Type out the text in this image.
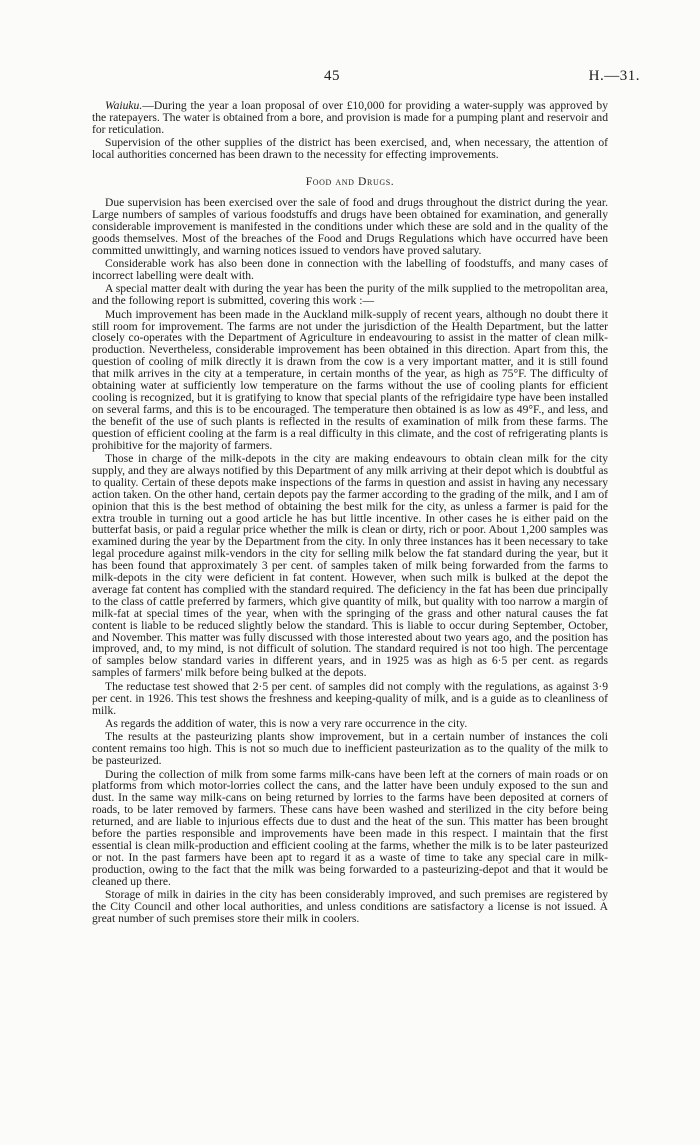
45	H.—31.

Waiuku.—During the year a loan proposal of over £10,000 for providing a water-supply was approved by the ratepayers. The water is obtained from a bore, and provision is made for a pumping plant and reservoir and for reticulation.

Supervision of the other supplies of the district has been exercised, and, when necessary, the attention of local authorities concerned has been drawn to the necessity for effecting improvements.

Food and Drugs.

Due supervision has been exercised over the sale of food and drugs throughout the district during the year. Large numbers of samples of various foodstuffs and drugs have been obtained for examination, and generally considerable improvement is manifested in the conditions under which these are sold and in the quality of the goods themselves. Most of the breaches of the Food and Drugs Regulations which have occurred have been committed unwittingly, and warning notices issued to vendors have proved salutary.

Considerable work has also been done in connection with the labelling of foodstuffs, and many cases of incorrect labelling were dealt with.

A special matter dealt with during the year has been the purity of the milk supplied to the metropolitan area, and the following report is submitted, covering this work :—

Much improvement has been made in the Auckland milk-supply of recent years, although no doubt there it still room for improvement. The farms are not under the jurisdiction of the Health Department, but the latter closely co-operates with the Department of Agriculture in endeavouring to assist in the matter of clean milk-production. Nevertheless, considerable improvement has been obtained in this direction. Apart from this, the question of cooling of milk directly it is drawn from the cow is a very important matter, and it is still found that milk arrives in the city at a temperature, in certain months of the year, as high as 75°F. The difficulty of obtaining water at sufficiently low temperature on the farms without the use of cooling plants for efficient cooling is recognized, but it is gratifying to know that special plants of the refrigidaire type have been installed on several farms, and this is to be encouraged. The temperature then obtained is as low as 49°F., and less, and the benefit of the use of such plants is reflected in the results of examination of milk from these farms. The question of efficient cooling at the farm is a real difficulty in this climate, and the cost of refrigerating plants is prohibitive for the majority of farmers.

Those in charge of the milk-depots in the city are making endeavours to obtain clean milk for the city supply, and they are always notified by this Department of any milk arriving at their depot which is doubtful as to quality. Certain of these depots make inspections of the farms in question and assist in having any necessary action taken. On the other hand, certain depots pay the farmer according to the grading of the milk, and I am of opinion that this is the best method of obtaining the best milk for the city, as unless a farmer is paid for the extra trouble in turning out a good article he has but little incentive. In other cases he is either paid on the butterfat basis, or paid a regular price whether the milk is clean or dirty, rich or poor. About 1,200 samples was examined during the year by the Department from the city. In only three instances has it been necessary to take legal procedure against milk-vendors in the city for selling milk below the fat standard during the year, but it has been found that approximately 3 per cent. of samples taken of milk being forwarded from the farms to milk-depots in the city were deficient in fat content. However, when such milk is bulked at the depot the average fat content has complied with the standard required. The deficiency in the fat has been due principally to the class of cattle preferred by farmers, which give quantity of milk, but quality with too narrow a margin of milk-fat at special times of the year, when with the springing of the grass and other natural causes the fat content is liable to be reduced slightly below the standard. This is liable to occur during September, October, and November. This matter was fully discussed with those interested about two years ago, and the position has improved, and, to my mind, is not difficult of solution. The standard required is not too high. The percentage of samples below standard varies in different years, and in 1925 was as high as 6·5 per cent. as regards samples of farmers' milk before being bulked at the depots.

The reductase test showed that 2·5 per cent. of samples did not comply with the regulations, as against 3·9 per cent. in 1926. This test shows the freshness and keeping-quality of milk, and is a guide as to cleanliness of milk.

As regards the addition of water, this is now a very rare occurrence in the city.

The results at the pasteurizing plants show improvement, but in a certain number of instances the coli content remains too high. This is not so much due to inefficient pasteurization as to the quality of the milk to be pasteurized.

During the collection of milk from some farms milk-cans have been left at the corners of main roads or on platforms from which motor-lorries collect the cans, and the latter have been unduly exposed to the sun and dust. In the same way milk-cans on being returned by lorries to the farms have been deposited at corners of roads, to be later removed by farmers. These cans have been washed and sterilized in the city before being returned, and are liable to injurious effects due to dust and the heat of the sun. This matter has been brought before the parties responsible and improvements have been made in this respect. I maintain that the first essential is clean milk-production and efficient cooling at the farms, whether the milk is to be later pasteurized or not. In the past farmers have been apt to regard it as a waste of time to take any special care in milk-production, owing to the fact that the milk was being forwarded to a pasteurizing-depot and that it would be cleaned up there.

Storage of milk in dairies in the city has been considerably improved, and such premises are registered by the City Council and other local authorities, and unless conditions are satisfactory a license is not issued. A great number of such premises store their milk in coolers.
